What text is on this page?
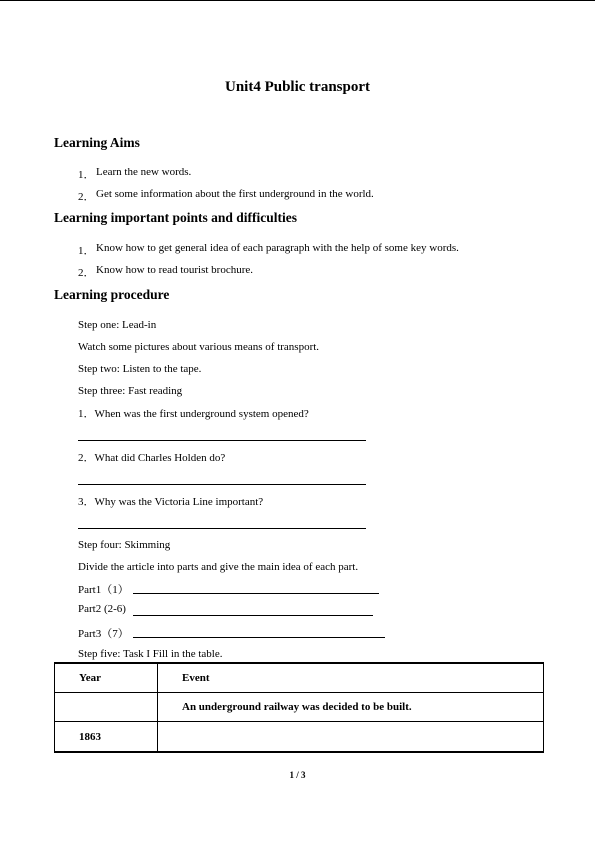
Unit4 Public transport
Learning Aims
1． Learn the new words.
2． Get some information about the first underground in the world.
Learning important points and difficulties
1． Know how to get general idea of each paragraph with the help of some key words.
2． Know how to read tourist brochure.
Learning procedure
Step one: Lead-in
Watch some pictures about various means of transport.
Step two: Listen to the tape.
Step three: Fast reading
1．When was the first underground system opened?
2．What did Charles Holden do?
3．Why was the Victoria Line important?
Step four: Skimming
Divide the article into parts and give the main idea of each part.
Part1（1）
Part2 (2-6)
Part3（7）
Step five: Task I Fill in the table.
Year	Event
	An underground railway was decided to be built.
1863	
1 / 3
